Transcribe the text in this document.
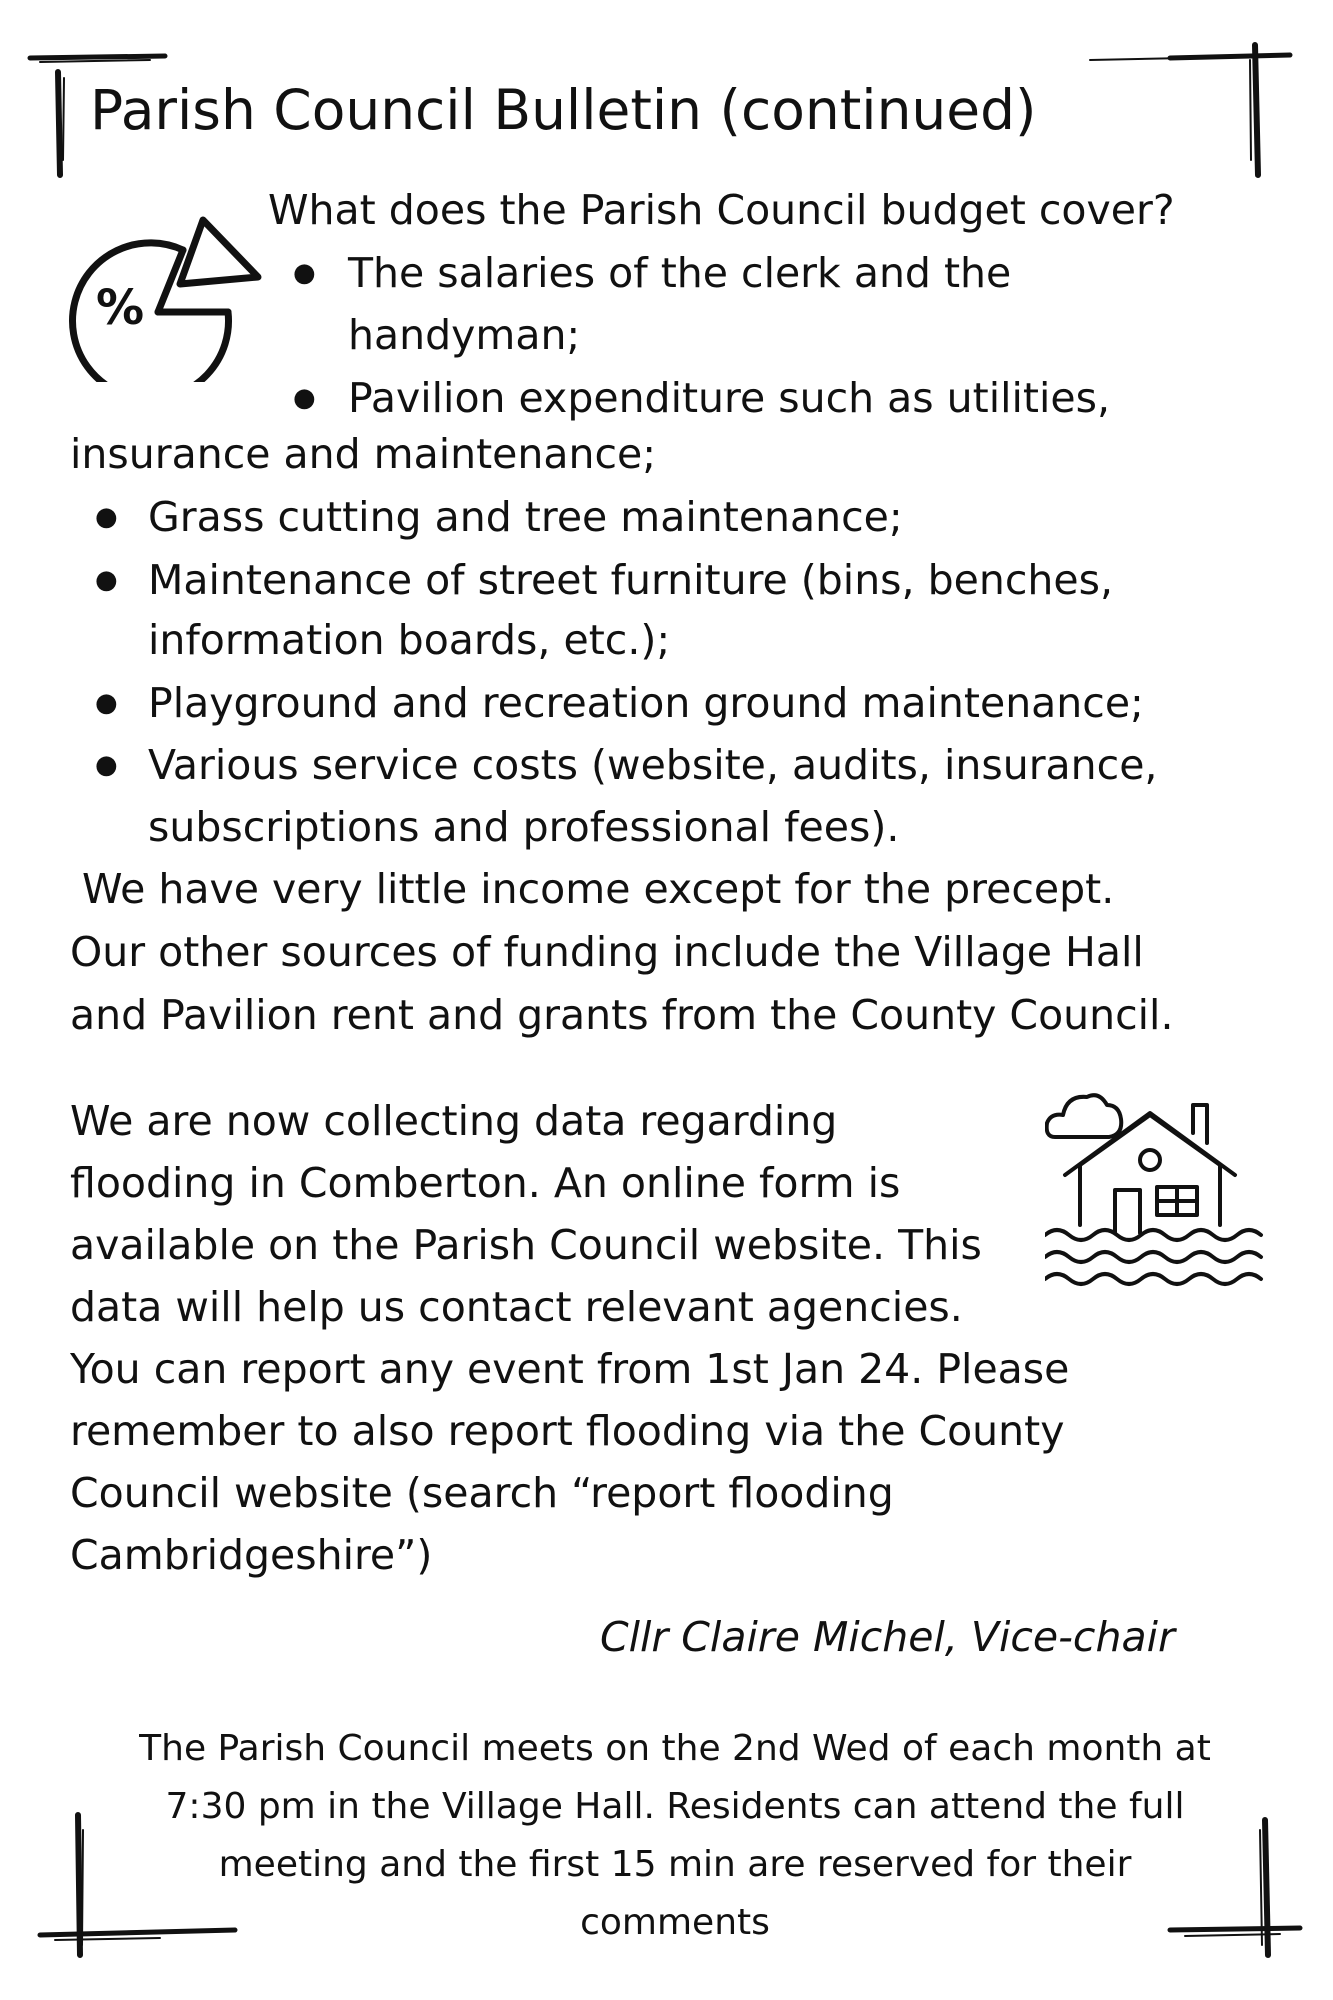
Parish Council Bulletin (continued)
%
What does the Parish Council budget cover?
● The salaries of the clerk and the
handyman;
● Pavilion expenditure such as utilities,
insurance and maintenance;
● Grass cutting and tree maintenance;
● Maintenance of street furniture (bins, benches,
information boards, etc.);
● Playground and recreation ground maintenance;
● Various service costs (website, audits, insurance,
subscriptions and professional fees).
We have very little income except for the precept.
Our other sources of funding include the Village Hall
and Pavilion rent and grants from the County Council.
We are now collecting data regarding
flooding in Comberton. An online form is
available on the Parish Council website. This
data will help us contact relevant agencies.
You can report any event from 1st Jan 24. Please
remember to also report flooding via the County
Council website (search “report flooding
Cambridgeshire”)
Cllr Claire Michel, Vice-chair
The Parish Council meets on the 2nd Wed of each month at
7:30 pm in the Village Hall. Residents can attend the full
meeting and the first 15 min are reserved for their
comments
